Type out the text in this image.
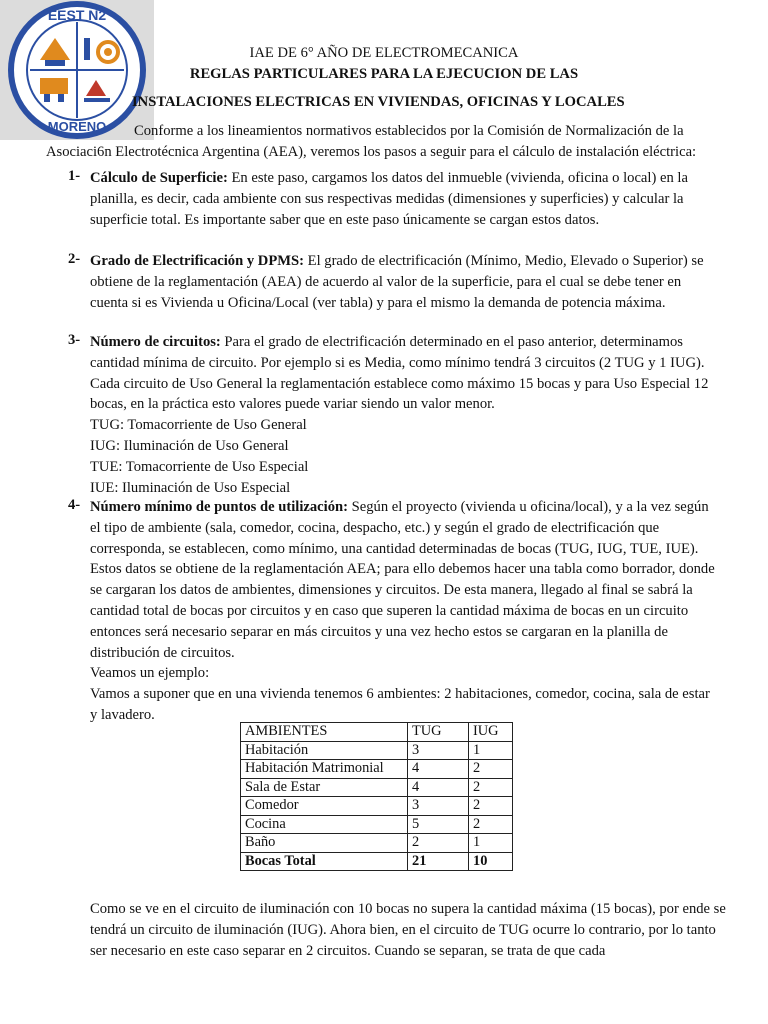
EEST N2
MORENO
IAE DE 6° AÑO DE ELECTROMECANICA
REGLAS PARTICULARES PARA LA EJECUCION DE LAS
INSTALACIONES ELECTRICAS EN VIVIENDAS, OFICINAS Y LOCALES

Conforme a los lineamientos normativos establecidos por la Comisión de Normalización de la Asociaci6n Electrotécnica Argentina (AEA), veremos los pasos a seguir para el cálculo de instalación eléctrica:

1- Cálculo de Superficie: En este paso, cargamos los datos del inmueble (vivienda, oficina o local) en la planilla, es decir, cada ambiente con sus respectivas medidas (dimensiones y superficies) y calcular la superficie total. Es importante saber que en este paso únicamente se cargan estos datos.
2- Grado de Electrificación y DPMS: El grado de electrificación (Mínimo, Medio, Elevado o Superior) se obtiene de la reglamentación (AEA) de acuerdo al valor de la superficie, para el cual se debe tener en cuenta si es Vivienda u Oficina/Local (ver tabla) y para el mismo la demanda de potencia máxima.
3- Número de circuitos: Para el grado de electrificación determinado en el paso anterior, determinamos cantidad mínima de circuito. Por ejemplo si es Media, como mínimo tendrá 3 circuitos (2 TUG y 1 IUG). Cada circuito de Uso General la reglamentación establece como máximo 15 bocas y para Uso Especial 12 bocas, en la práctica esto valores puede variar siendo un valor menor.
TUG: Tomacorriente de Uso General
IUG: Iluminación de Uso General
TUE: Tomacorriente de Uso Especial
IUE: Iluminación de Uso Especial
4- Número mínimo de puntos de utilización: Según el proyecto (vivienda u oficina/local), y a la vez según el tipo de ambiente (sala, comedor, cocina, despacho, etc.) y según el grado de electrificación que corresponda, se establecen, como mínimo, una cantidad determinadas de bocas (TUG, IUG, TUE, IUE). Estos datos se obtiene de la reglamentación AEA; para ello debemos hacer una tabla como borrador, donde se cargaran los datos de ambientes, dimensiones y circuitos. De esta manera, llegado al final se sabrá la cantidad total de bocas por circuitos y en caso que superen la cantidad máxima de bocas en un circuito entonces será necesario separar en más circuitos y una vez hecho estos se cargaran en la planilla de distribución de circuitos.
Veamos un ejemplo:
Vamos a suponer que en una vivienda tenemos 6 ambientes: 2 habitaciones, comedor, cocina, sala de estar y lavadero.
AMBIENTES	TUG	IUG
Habitación	3	1
Habitación Matrimonial	4	2
Sala de Estar	4	2
Comedor	3	2
Cocina	5	2
Baño	2	1
Bocas Total	21	10

Como se ve en el circuito de iluminación con 10 bocas no supera la cantidad máxima (15 bocas), por ende se tendrá un circuito de iluminación (IUG). Ahora bien, en el circuito de TUG ocurre lo contrario, por lo tanto ser necesario en este caso separar en 2 circuitos. Cuando se separan, se trata de que cada
